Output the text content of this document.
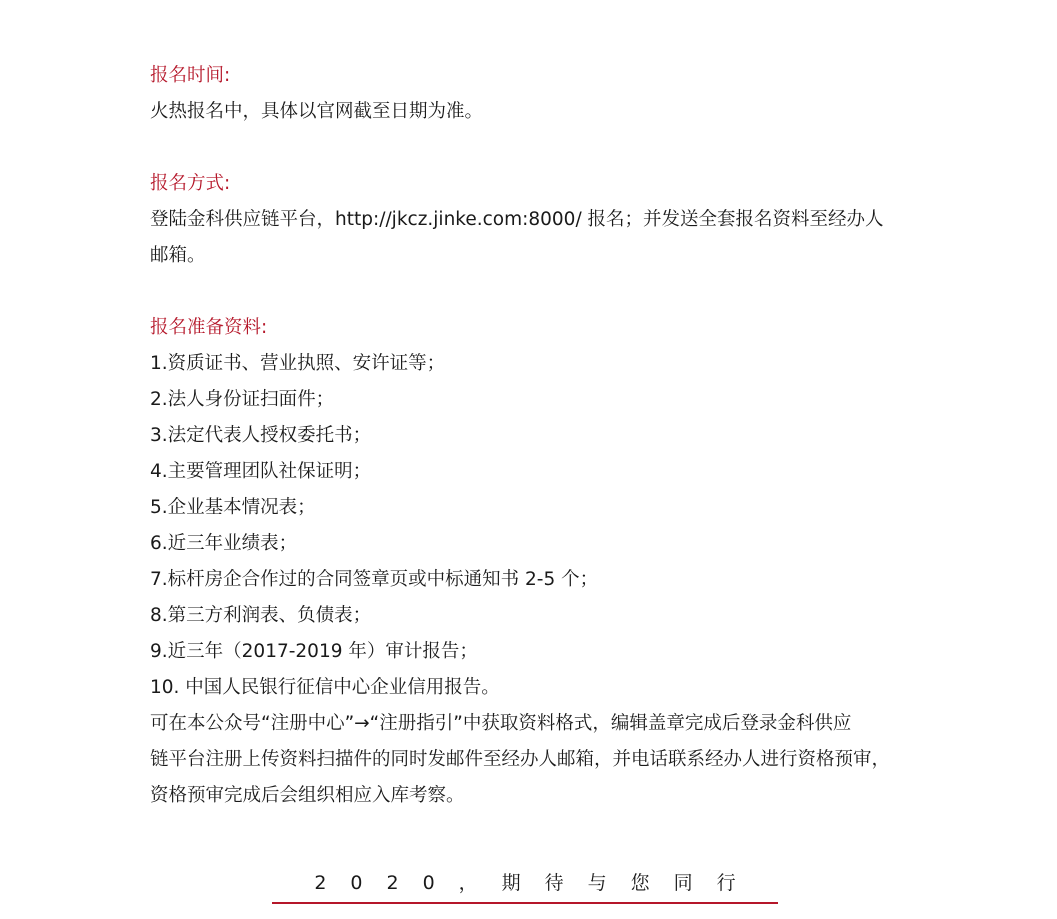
报名时间:

火热报名中，具体以官网截至日期为准。

报名方式:

登陆金科供应链平台，http://jkcz.jinke.com:8000/ 报名；并发送全套报名资料至经办人

邮箱。

报名准备资料:

1.资质证书、营业执照、安许证等；

2.法人身份证扫面件；

3.法定代表人授权委托书；

4.主要管理团队社保证明；

5.企业基本情况表；

6.近三年业绩表；

7.标杆房企合作过的合同签章页或中标通知书 2-5 个；

8.第三方利润表、负债表；

9.近三年（2017-2019 年）审计报告；

10. 中国人民银行征信中心企业信用报告。

可在本公众号“注册中心”→“注册指引”中获取资料格式，编辑盖章完成后登录金科供应

链平台注册上传资料扫描件的同时发邮件至经办人邮箱，并电话联系经办人进行资格预审，

资格预审完成后会组织相应入库考察。

2020，期待与您同行
